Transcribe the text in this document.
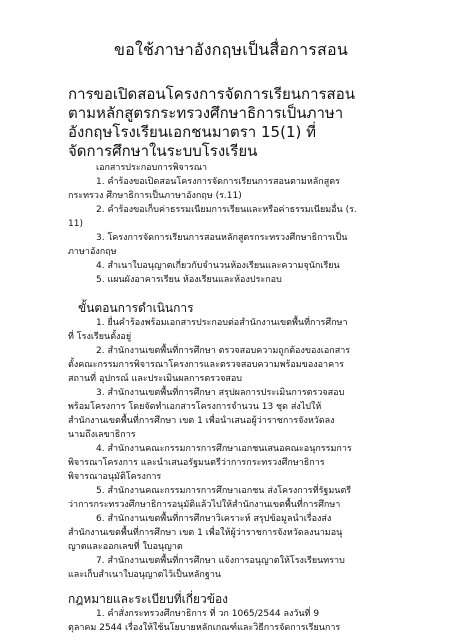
ขอใช้ภาษาอังกฤษเป็นสื่อการสอน
การขอเปิดสอนโครงการจัดการเรียนการสอน
ตามหลักสูตรกระทรวงศึกษาธิการเป็นภาษา
อังกฤษโรงเรียนเอกชนมาตรา 15(1) ที่
จัดการศึกษาในระบบโรงเรียน
เอกสารประกอบการพิจารณา
1. คำร้องขอเปิดสอนโครงการจัดการเรียนการสอนตามหลักสูตร
กระทรวง ศึกษาธิการเป็นภาษาอังกฤษ (ร.11)
2. คำร้องขอเก็บค่าธรรมเนียมการเรียนและหรือค่าธรรมเนียมอื่น (ร.
11)
3. โครงการจัดการเรียนการสอนหลักสูตรกระทรวงศึกษาธิการเป็น
ภาษาอังกฤษ
4. สำเนาใบอนุญาตเกี่ยวกับจำนวนห้องเรียนและความจุนักเรียน
5. แผนผังอาคารเรียน ห้องเรียนและห้องประกอบ
ขั้นตอนการดำเนินการ
1. ยื่นคำร้องพร้อมเอกสารประกอบต่อสำนักงานเขตพื้นที่การศึกษา
ที่ โรงเรียนตั้งอยู่
2. สำนักงานเขตพื้นที่การศึกษา ตรวจสอบความถูกต้องของเอกสาร
ตั้งคณะกรรมการพิจารณาโครงการและตรวจสอบความพร้อมของอาคาร
สถานที่ อุปกรณ์ และประเมินผลการตรวจสอบ
3. สำนักงานเขตพื้นที่การศึกษา สรุปผลการประเมินการตรวจสอบ
พร้อมโครงการ โดยจัดทำเอกสารโครงการจำนวน 13 ชุด ส่งไปให้
สำนักงานเขตพื้นที่การศึกษา เขต 1 เพื่อนำเสนอผู้ว่าราชการจังหวัดลง
นามถึงเลขาธิการ
4. สำนักงานคณะกรรมการการศึกษาเอกชนเสนอคณะอนุกรรมการ
พิจารณาโครงการ และนำเสนอรัฐมนตรีว่าการกระทรวงศึกษาธิการ
พิจารณาอนุมัติโครงการ
5. สำนักงานคณะกรรมการการศึกษาเอกชน ส่งโครงการที่รัฐมนตรี
ว่าการกระทรวงศึกษาธิการอนุมัติแล้วไปให้สำนักงานเขตพื้นที่การศึกษา
6. สำนักงานเขตพื้นที่การศึกษาวิเคราะห์ สรุปข้อมูลนำเรื่องส่ง
สำนักงานเขตพื้นที่การศึกษา เขต 1 เพื่อให้ผู้ว่าราชการจังหวัดลงนามอนุ
ญาตและออกเลขที่ ใบอนุญาต
7. สำนักงานเขตพื้นที่การศึกษา แจ้งการอนุญาตให้โรงเรียนทราบ
และเก็บสำเนาใบอนุญาตไว้เป็นหลักฐาน
กฎหมายและระเบียบที่เกี่ยวข้อง
1. คำสั่งกระทรวงศึกษาธิการ ที่ วก 1065/2544 ลงวันที่ 9
ตุลาคม 2544 เรื่องให้ใช้นโยบายหลักเกณฑ์และวิธีการจัดการเรียนการ
